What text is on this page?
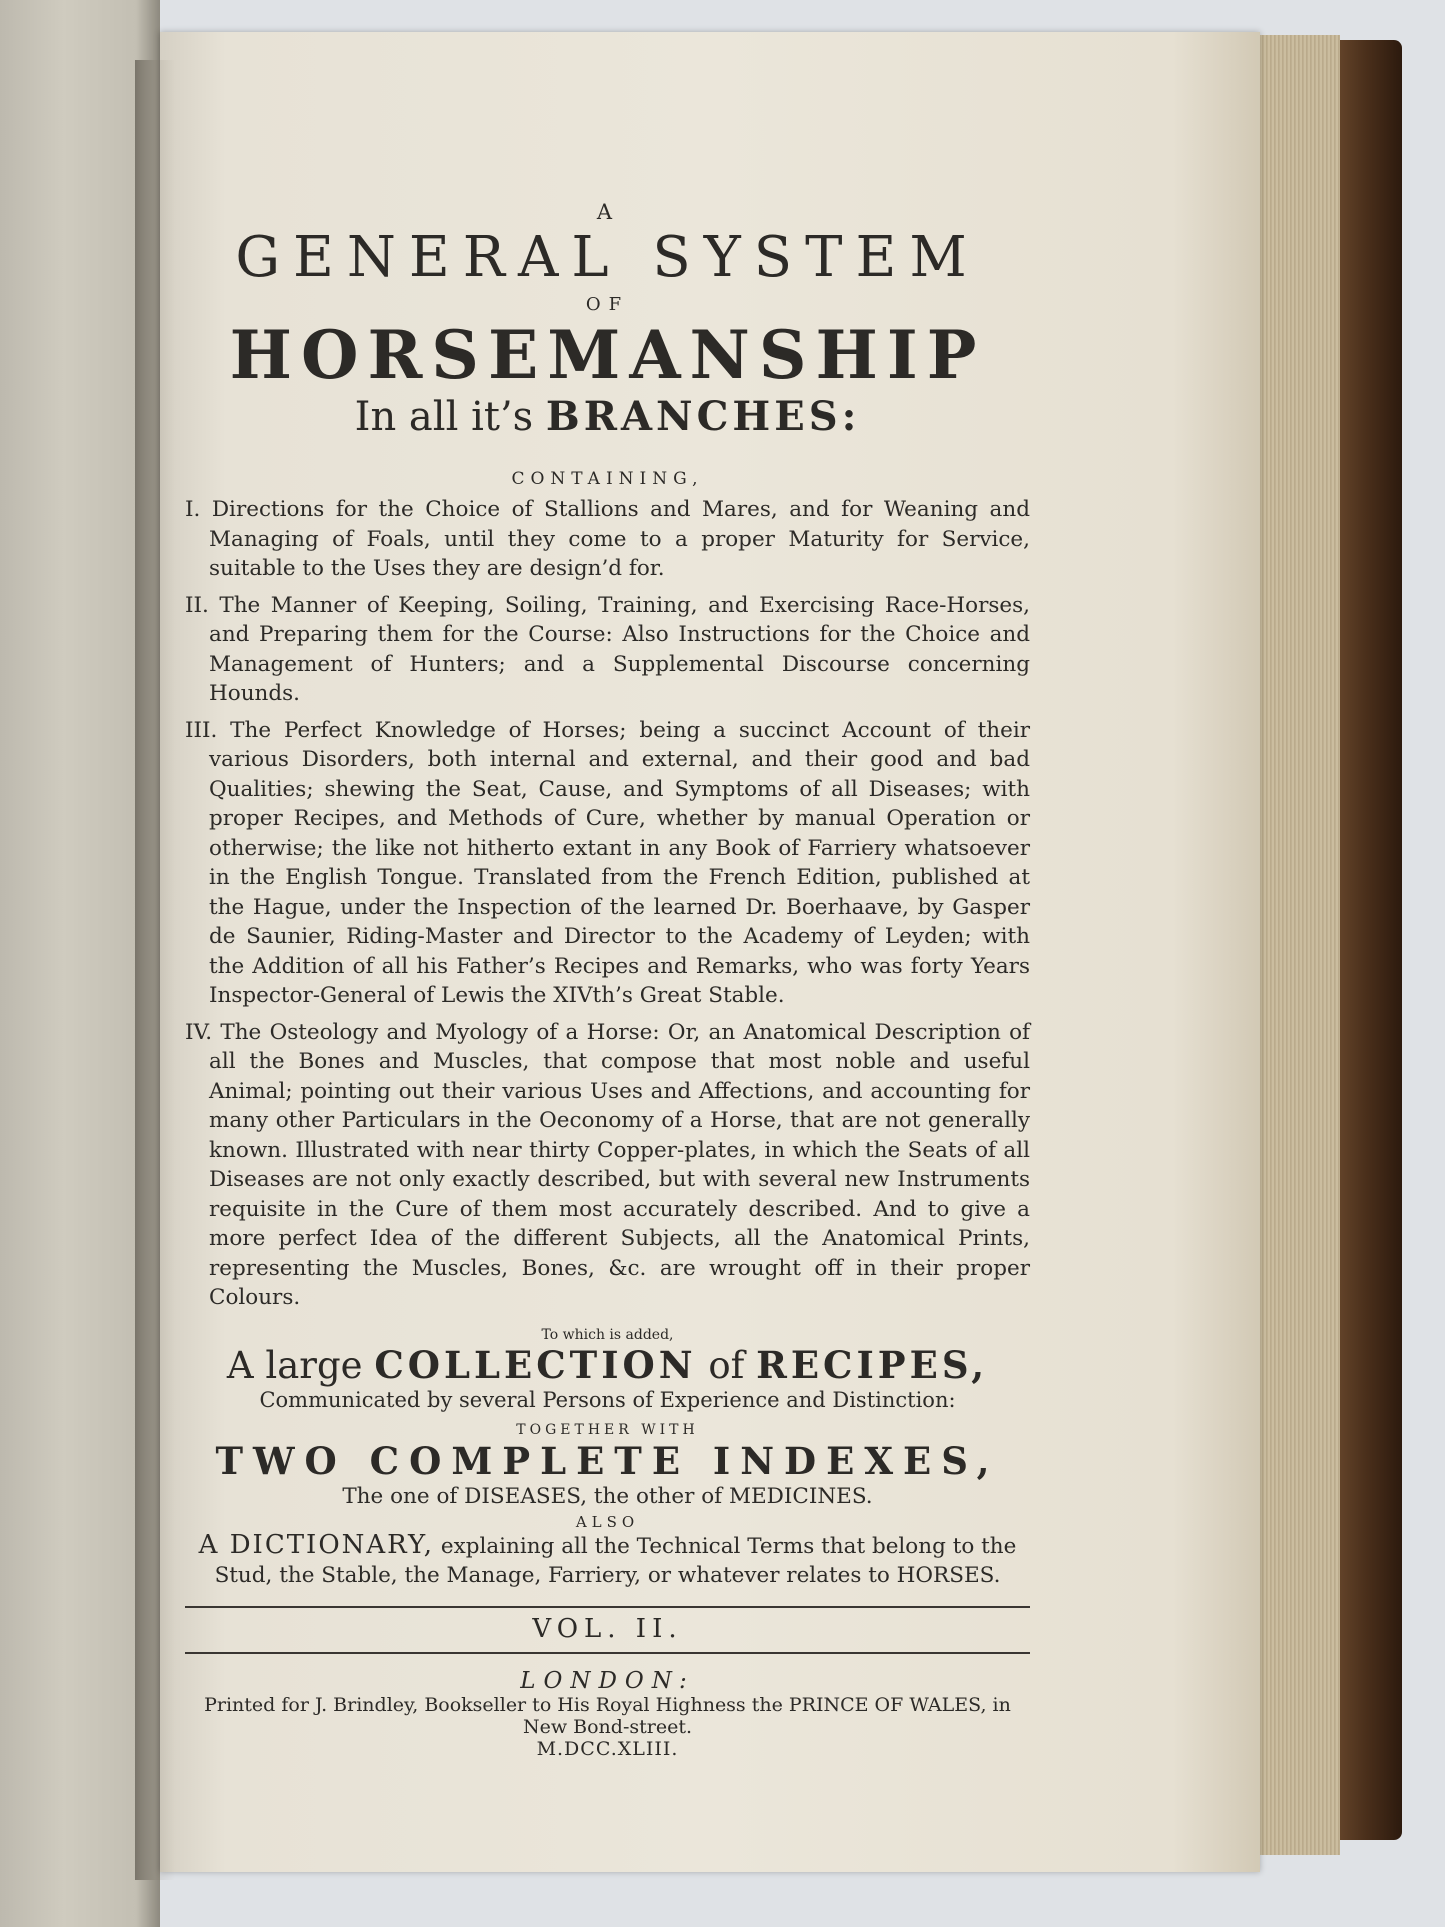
A
GENERAL SYSTEM
OF
HORSEMANSHIP
In all it’s BRANCHES:
CONTAINING,
I. Directions for the Choice of Stallions and Mares, and for Weaning and Managing of Foals, until they come to a proper Maturity for Service, suitable to the Uses they are design’d for.
II. The Manner of Keeping, Soiling, Training, and Exercising Race-Horses, and Preparing them for the Course: Also Instructions for the Choice and Management of Hunters; and a Supplemental Discourse concerning Hounds.
III. The Perfect Knowledge of Horses; being a succinct Account of their various Disorders, both internal and external, and their good and bad Qualities; shewing the Seat, Cause, and Symptoms of all Diseases; with proper Recipes, and Methods of Cure, whether by manual Operation or otherwise; the like not hitherto extant in any Book of Farriery whatsoever in the English Tongue. Translated from the French Edition, published at the Hague, under the Inspection of the learned Dr. Boerhaave, by Gasper de Saunier, Riding-Master and Director to the Academy of Leyden; with the Addition of all his Father’s Recipes and Remarks, who was forty Years Inspector-General of Lewis the XIVth’s Great Stable.
IV. The Osteology and Myology of a Horse: Or, an Anatomical Description of all the Bones and Muscles, that compose that most noble and useful Animal; pointing out their various Uses and Affections, and accounting for many other Particulars in the Oeconomy of a Horse, that are not generally known. Illustrated with near thirty Copper-plates, in which the Seats of all Diseases are not only exactly described, but with several new Instruments requisite in the Cure of them most accurately described. And to give a more perfect Idea of the different Subjects, all the Anatomical Prints, representing the Muscles, Bones, &c. are wrought off in their proper Colours.
To which is added,
A large COLLECTION of RECIPES,
Communicated by several Persons of Experience and Distinction:
TOGETHER WITH
TWO COMPLETE INDEXES,
The one of DISEASES, the other of MEDICINES.
ALSO
A DICTIONARY, explaining all the Technical Terms that belong to the Stud, the Stable, the Manage, Farriery, or whatever relates to HORSES.
VOL. II.
LONDON:
Printed for J. Brindley, Bookseller to His Royal Highness the PRINCE OF WALES, in New Bond-street.
M.DCC.XLIII.
